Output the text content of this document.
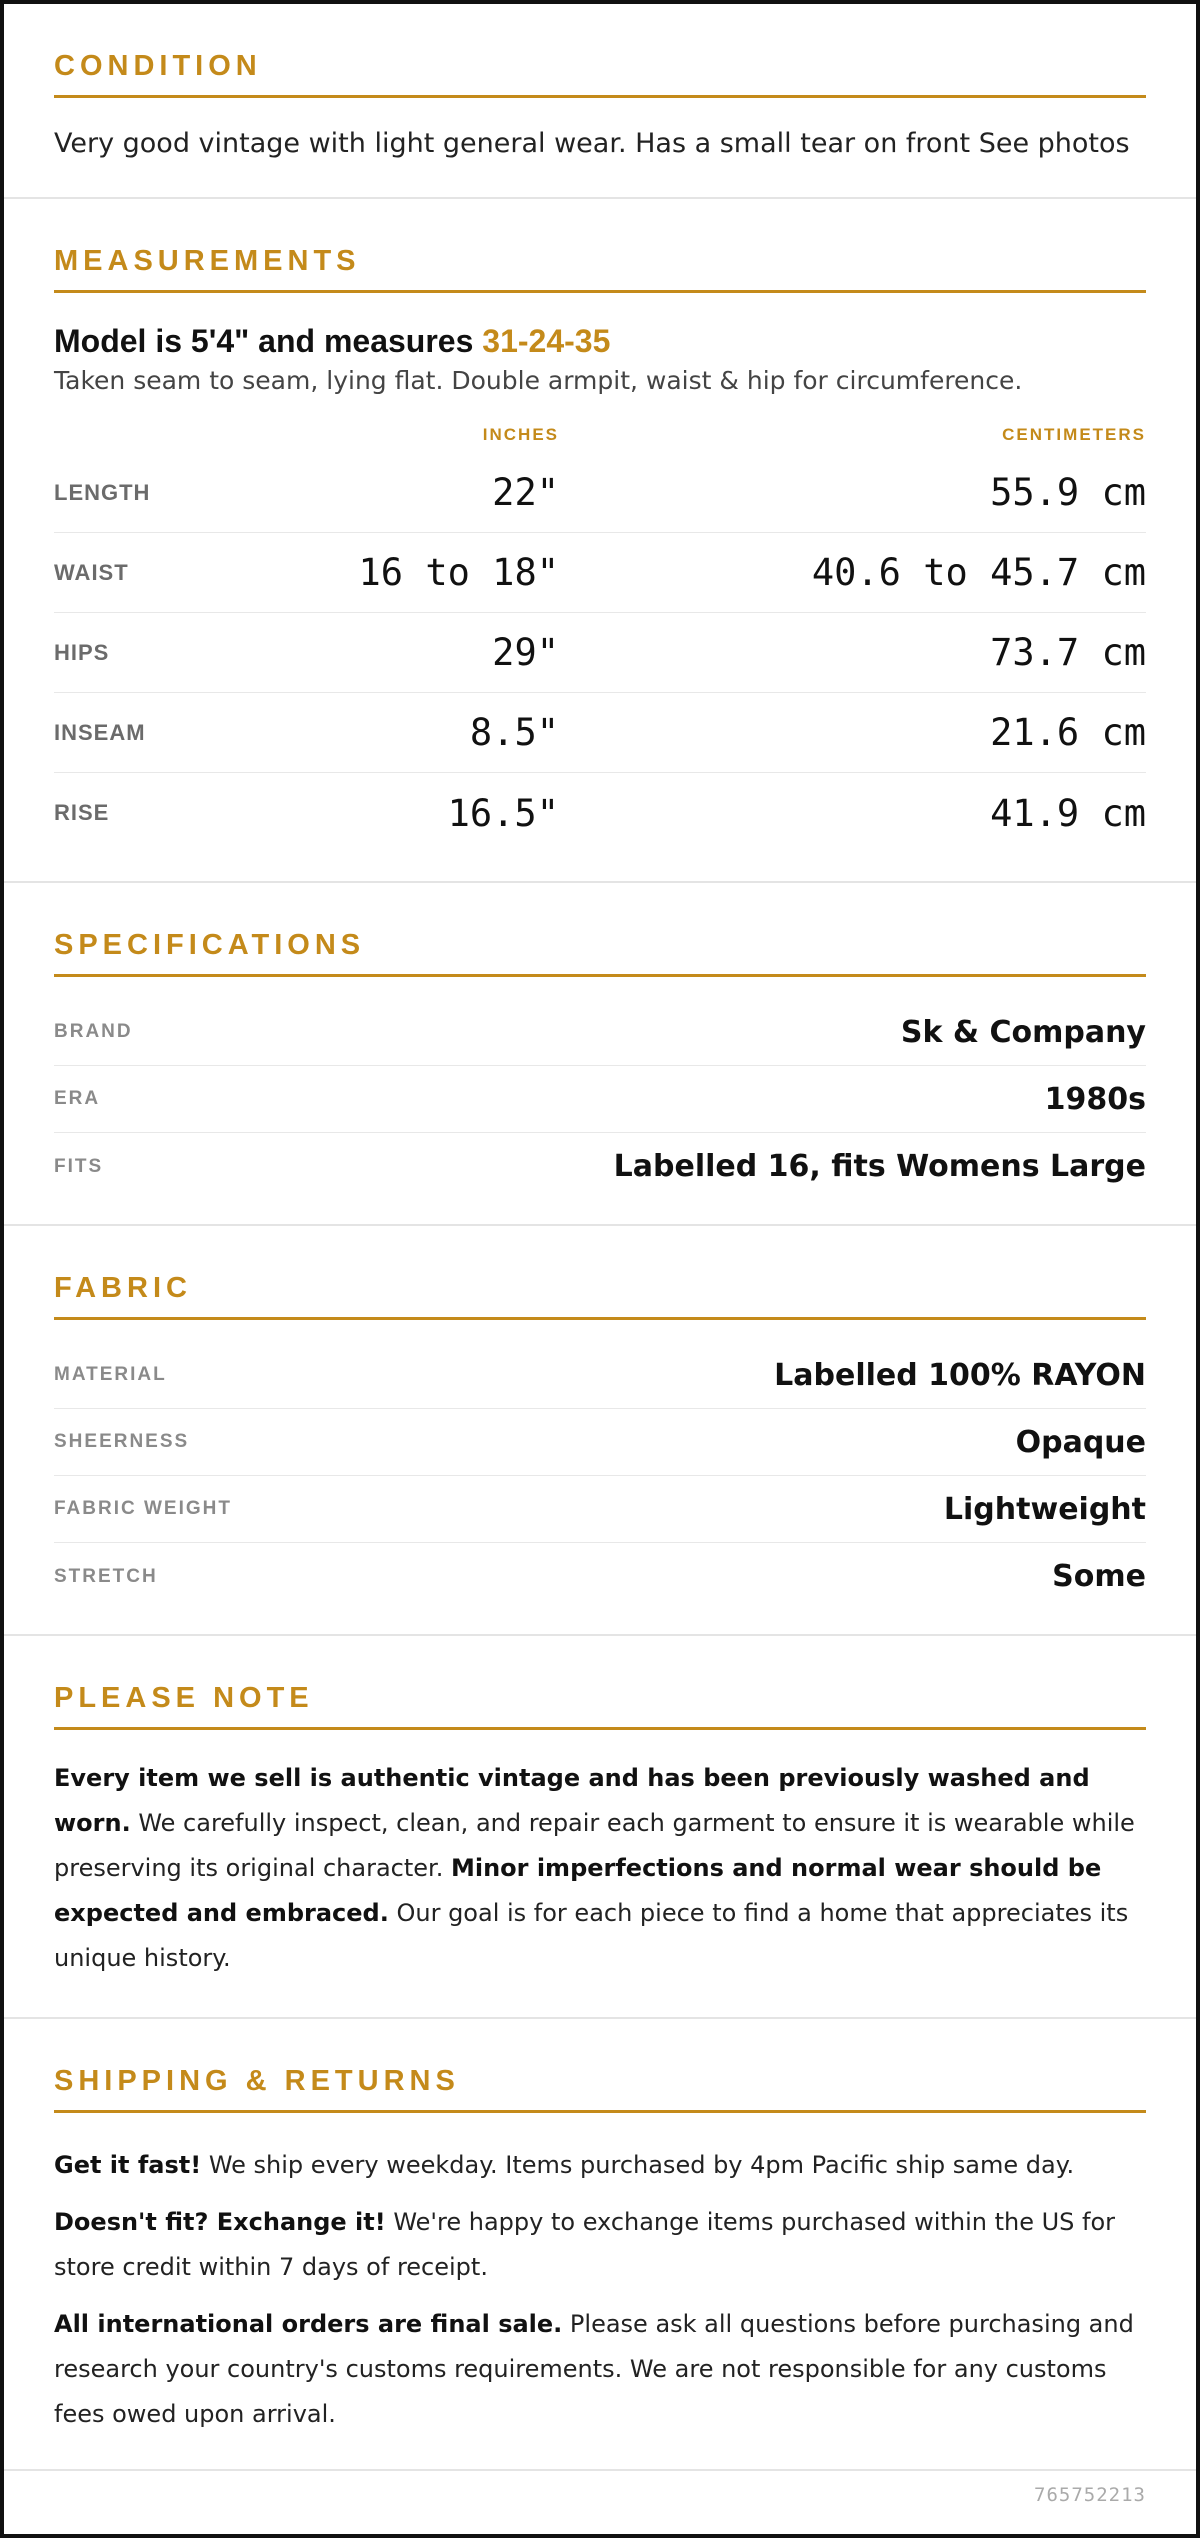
CONDITION
Very good vintage with light general wear. Has a small tear on front See photos
MEASUREMENTS
Model is 5'4" and measures 31-24-35
Taken seam to seam, lying flat. Double armpit, waist & hip for circumference.
INCHES	CENTIMETERS
LENGTH	22"	55.9 cm
WAIST	16 to 18"	40.6 to 45.7 cm
HIPS	29"	73.7 cm
INSEAM	8.5"	21.6 cm
RISE	16.5"	41.9 cm
SPECIFICATIONS
BRAND	Sk & Company
ERA	1980s
FITS	Labelled 16, fits Womens Large
FABRIC
MATERIAL	Labelled 100% RAYON
SHEERNESS	Opaque
FABRIC WEIGHT	Lightweight
STRETCH	Some
PLEASE NOTE

Every item we sell is authentic vintage and has been previously washed and worn. We carefully inspect, clean, and repair each garment to ensure it is wearable while preserving its original character. Minor imperfections and normal wear should be expected and embraced. Our goal is for each piece to find a home that appreciates its unique history.

SHIPPING & RETURNS

Get it fast! We ship every weekday. Items purchased by 4pm Pacific ship same day.

Doesn't fit? Exchange it! We're happy to exchange items purchased within the US for store credit within 7 days of receipt.

All international orders are final sale. Please ask all questions before purchasing and research your country's customs requirements. We are not responsible for any customs fees owed upon arrival.

765752213
